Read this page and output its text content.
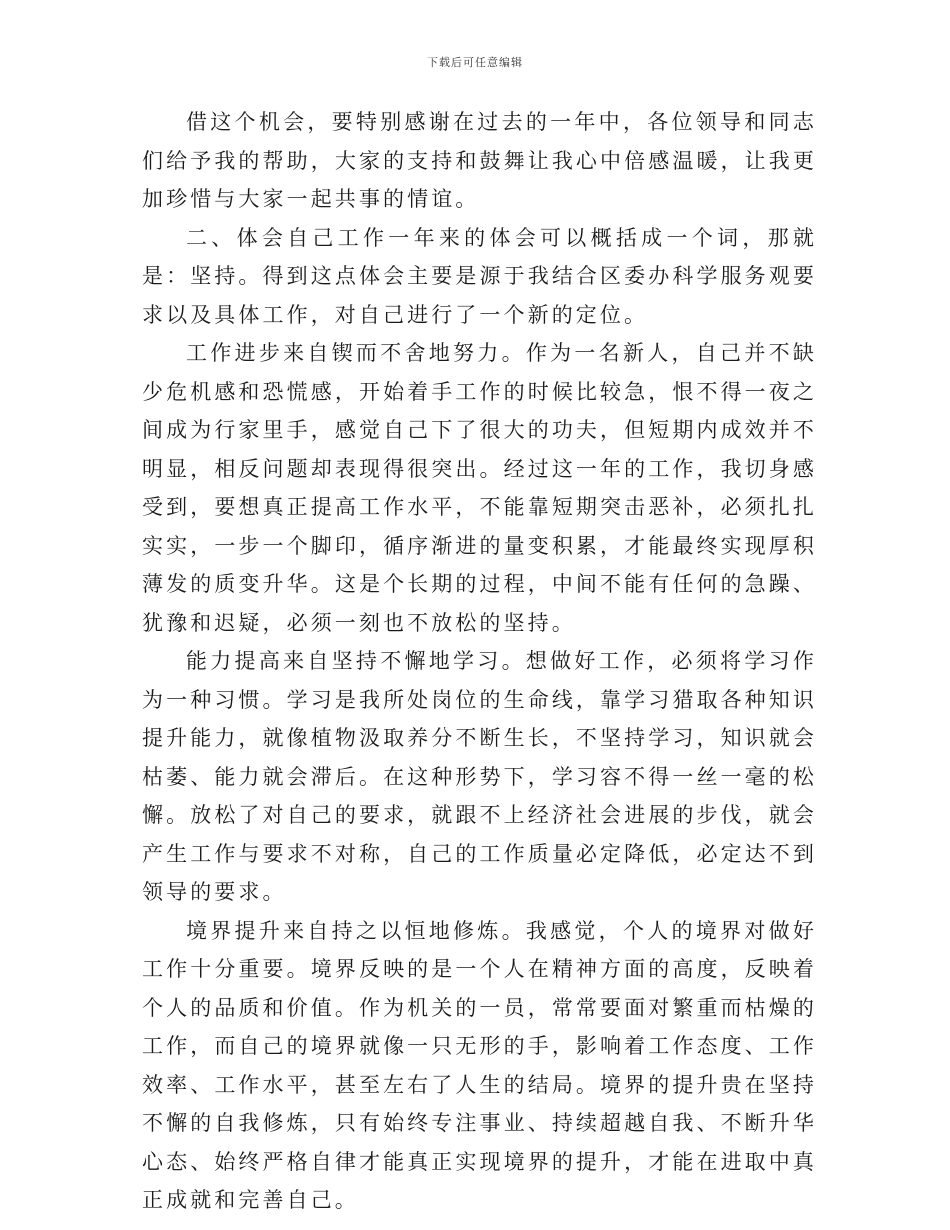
下载后可任意编辑

借这个机会，要特别感谢在过去的一年中，各位领导和同志们给予我的帮助，大家的支持和鼓舞让我心中倍感温暖，让我更加珍惜与大家一起共事的情谊。

二、体会自己工作一年来的体会可以概括成一个词，那就是：坚持。得到这点体会主要是源于我结合区委办科学服务观要求以及具体工作，对自己进行了一个新的定位。

工作进步来自锲而不舍地努力。作为一名新人，自己并不缺少危机感和恐慌感，开始着手工作的时候比较急，恨不得一夜之间成为行家里手，感觉自己下了很大的功夫，但短期内成效并不明显，相反问题却表现得很突出。经过这一年的工作，我切身感受到，要想真正提高工作水平，不能靠短期突击恶补，必须扎扎实实，一步一个脚印，循序渐进的量变积累，才能最终实现厚积薄发的质变升华。这是个长期的过程，中间不能有任何的急躁、犹豫和迟疑，必须一刻也不放松的坚持。

能力提高来自坚持不懈地学习。想做好工作，必须将学习作为一种习惯。学习是我所处岗位的生命线，靠学习猎取各种知识提升能力，就像植物汲取养分不断生长，不坚持学习，知识就会枯萎、能力就会滞后。在这种形势下，学习容不得一丝一毫的松懈。放松了对自己的要求，就跟不上经济社会进展的步伐，就会产生工作与要求不对称，自己的工作质量必定降低，必定达不到领导的要求。

境界提升来自持之以恒地修炼。我感觉，个人的境界对做好工作十分重要。境界反映的是一个人在精神方面的高度，反映着个人的品质和价值。作为机关的一员，常常要面对繁重而枯燥的工作，而自己的境界就像一只无形的手，影响着工作态度、工作效率、工作水平，甚至左右了人生的结局。境界的提升贵在坚持不懈的自我修炼，只有始终专注事业、持续超越自我、不断升华心态、始终严格自律才能真正实现境界的提升，才能在进取中真正成就和完善自己。
